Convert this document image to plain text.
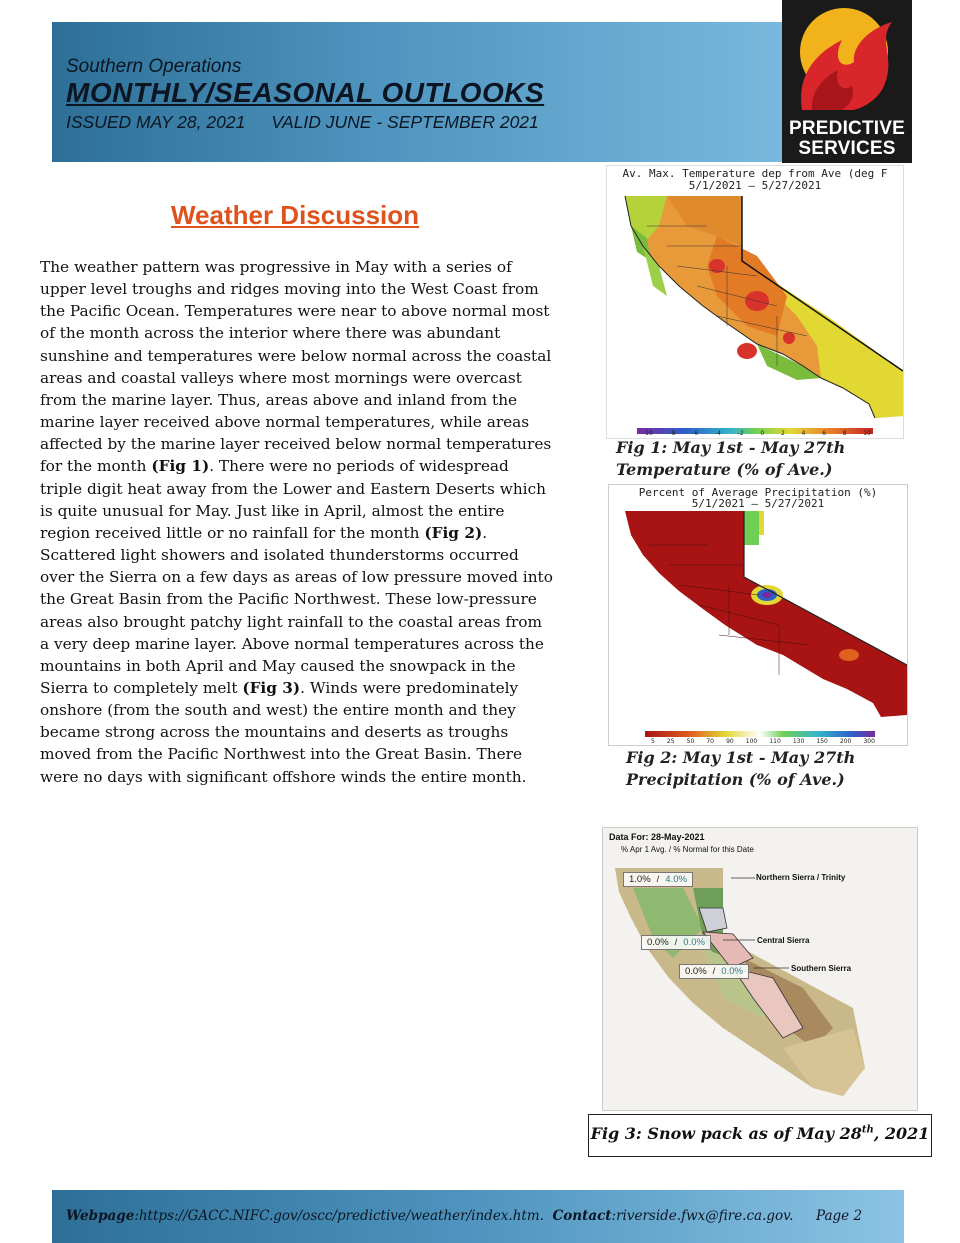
Southern Operations
MONTHLY/SEASONAL OUTLOOKS
ISSUED MAY 28, 2021 VALID JUNE - SEPTEMBER 2021	PREDICTIVE
SERVICES
Weather Discussion

The weather pattern was progressive in May with a series of upper level troughs and ridges moving into the West Coast from the Pacific Ocean. Temperatures were near to above normal most of the month across the interior where there was abundant sunshine and temperatures were below normal across the coastal areas and coastal valleys where most mornings were overcast from the marine layer. Thus, areas above and inland from the marine layer received above normal temperatures, while areas affected by the marine layer received below normal temperatures for the month (Fig 1). There were no periods of widespread triple digit heat away from the Lower and Eastern Deserts which is quite unusual for May. Just like in April, almost the entire region received little or no rainfall for the month (Fig 2). Scattered light showers and isolated thunderstorms occurred over the Sierra on a few days as areas of low pressure moved into the Great Basin from the Pacific Northwest. These low-pressure areas also brought patchy light rainfall to the coastal areas from a very deep marine layer. Above normal temperatures across the mountains in both April and May caused the snowpack in the Sierra to completely melt (Fig 3). Winds were predominately onshore (from the south and west) the entire month and they became strong across the mountains and deserts as troughs moved from the Pacific Northwest into the Great Basin. There were no days with significant offshore winds the entire month.

Av. Max. Temperature dep from Ave (deg F
5/1/2021 – 5/27/2021
-10	-8	-6	-4	-2	0	2	4	6	8	10
Fig 1: May 1st - May 27th
Temperature (% of Ave.)
Percent of Average Precipitation (%)
5/1/2021 – 5/27/2021
5 25 50 70 90 100 110 130 150 200 300
Fig 2: May 1st - May 27th
Precipitation (% of Ave.)
Data For: 28-May-2021
% Apr 1 Avg. / % Normal for this Date
1.0% / 4.0%	Northern Sierra / Trinity
0.0% / 0.0%	Central Sierra
0.0% / 0.0%	Southern Sierra
Fig 3: Snow pack as of May 28th, 2021
Webpage:https://GACC.NIFC.gov/oscc/predictive/weather/index.htm. Contact:riverside.fwx@fire.ca.gov. Page 2
